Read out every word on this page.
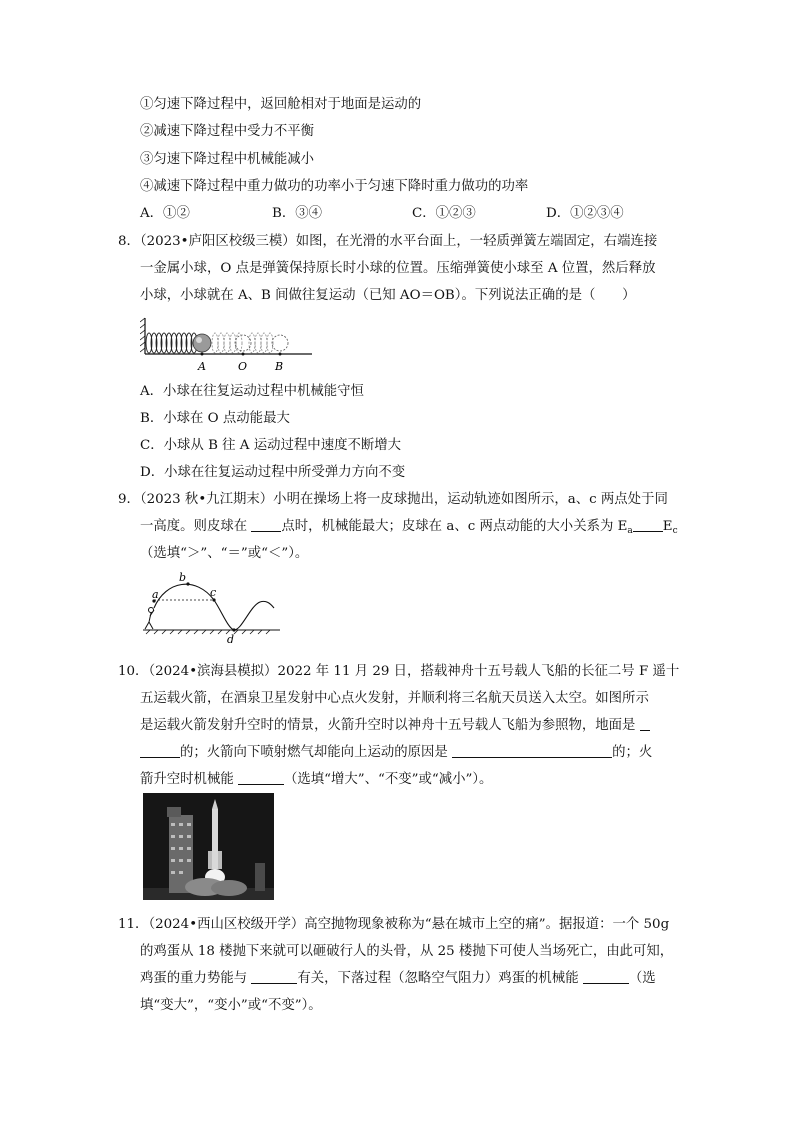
①匀速下降过程中，返回舱相对于地面是运动的
②减速下降过程中受力不平衡
③匀速下降过程中机械能减小
④减速下降过程中重力做功的功率小于匀速下降时重力做功的功率
A．①②	B．③④	C．①②③	D．①②③④
8．（2023•庐阳区校级三模）如图，在光滑的水平台面上，一轻质弹簧左端固定，右端连接
一金属小球，O 点是弹簧保持原长时小球的位置。压缩弹簧使小球至 A 位置，然后释放
小球，小球就在 A、B 间做往复运动（已知 AO＝OB）。下列说法正确的是（　　）
A	O	B
A．小球在往复运动过程中机械能守恒
B．小球在 O 点动能最大
C．小球从 B 往 A 运动过程中速度不断增大
D．小球在往复运动过程中所受弹力方向不变
9．（2023 秋•九江期末）小明在操场上将一皮球抛出，运动轨迹如图所示，a、c 两点处于同
一高度。则皮球在 点时，机械能最大；皮球在 a、c 两点动能的大小关系为 $E_a$ $E_c$
（选填“＞”、“＝”或“＜”）。
a
b
c
d
10．（2024•滨海县模拟）2022 年 11 月 29 日，搭载神舟十五号载人飞船的长征二号 F 遥十
五运载火箭，在酒泉卫星发射中心点火发射，并顺利将三名航天员送入太空。如图所示
是运载火箭发射升空时的情景，火箭升空时以神舟十五号载人飞船为参照物，地面是
的；火箭向下喷射燃气却能向上运动的原因是	的；火
箭升空时机械能	（选填“增大”、“不变”或“减小”）。
11．（2024•西山区校级开学）高空抛物现象被称为“悬在城市上空的痛”。据报道：一个 50g
的鸡蛋从 18 楼抛下来就可以砸破行人的头骨，从 25 楼抛下可使人当场死亡，由此可知，
鸡蛋的重力势能与	有关，下落过程（忽略空气阻力）鸡蛋的机械能	（选
填“变大”，“变小”或“不变”）。
